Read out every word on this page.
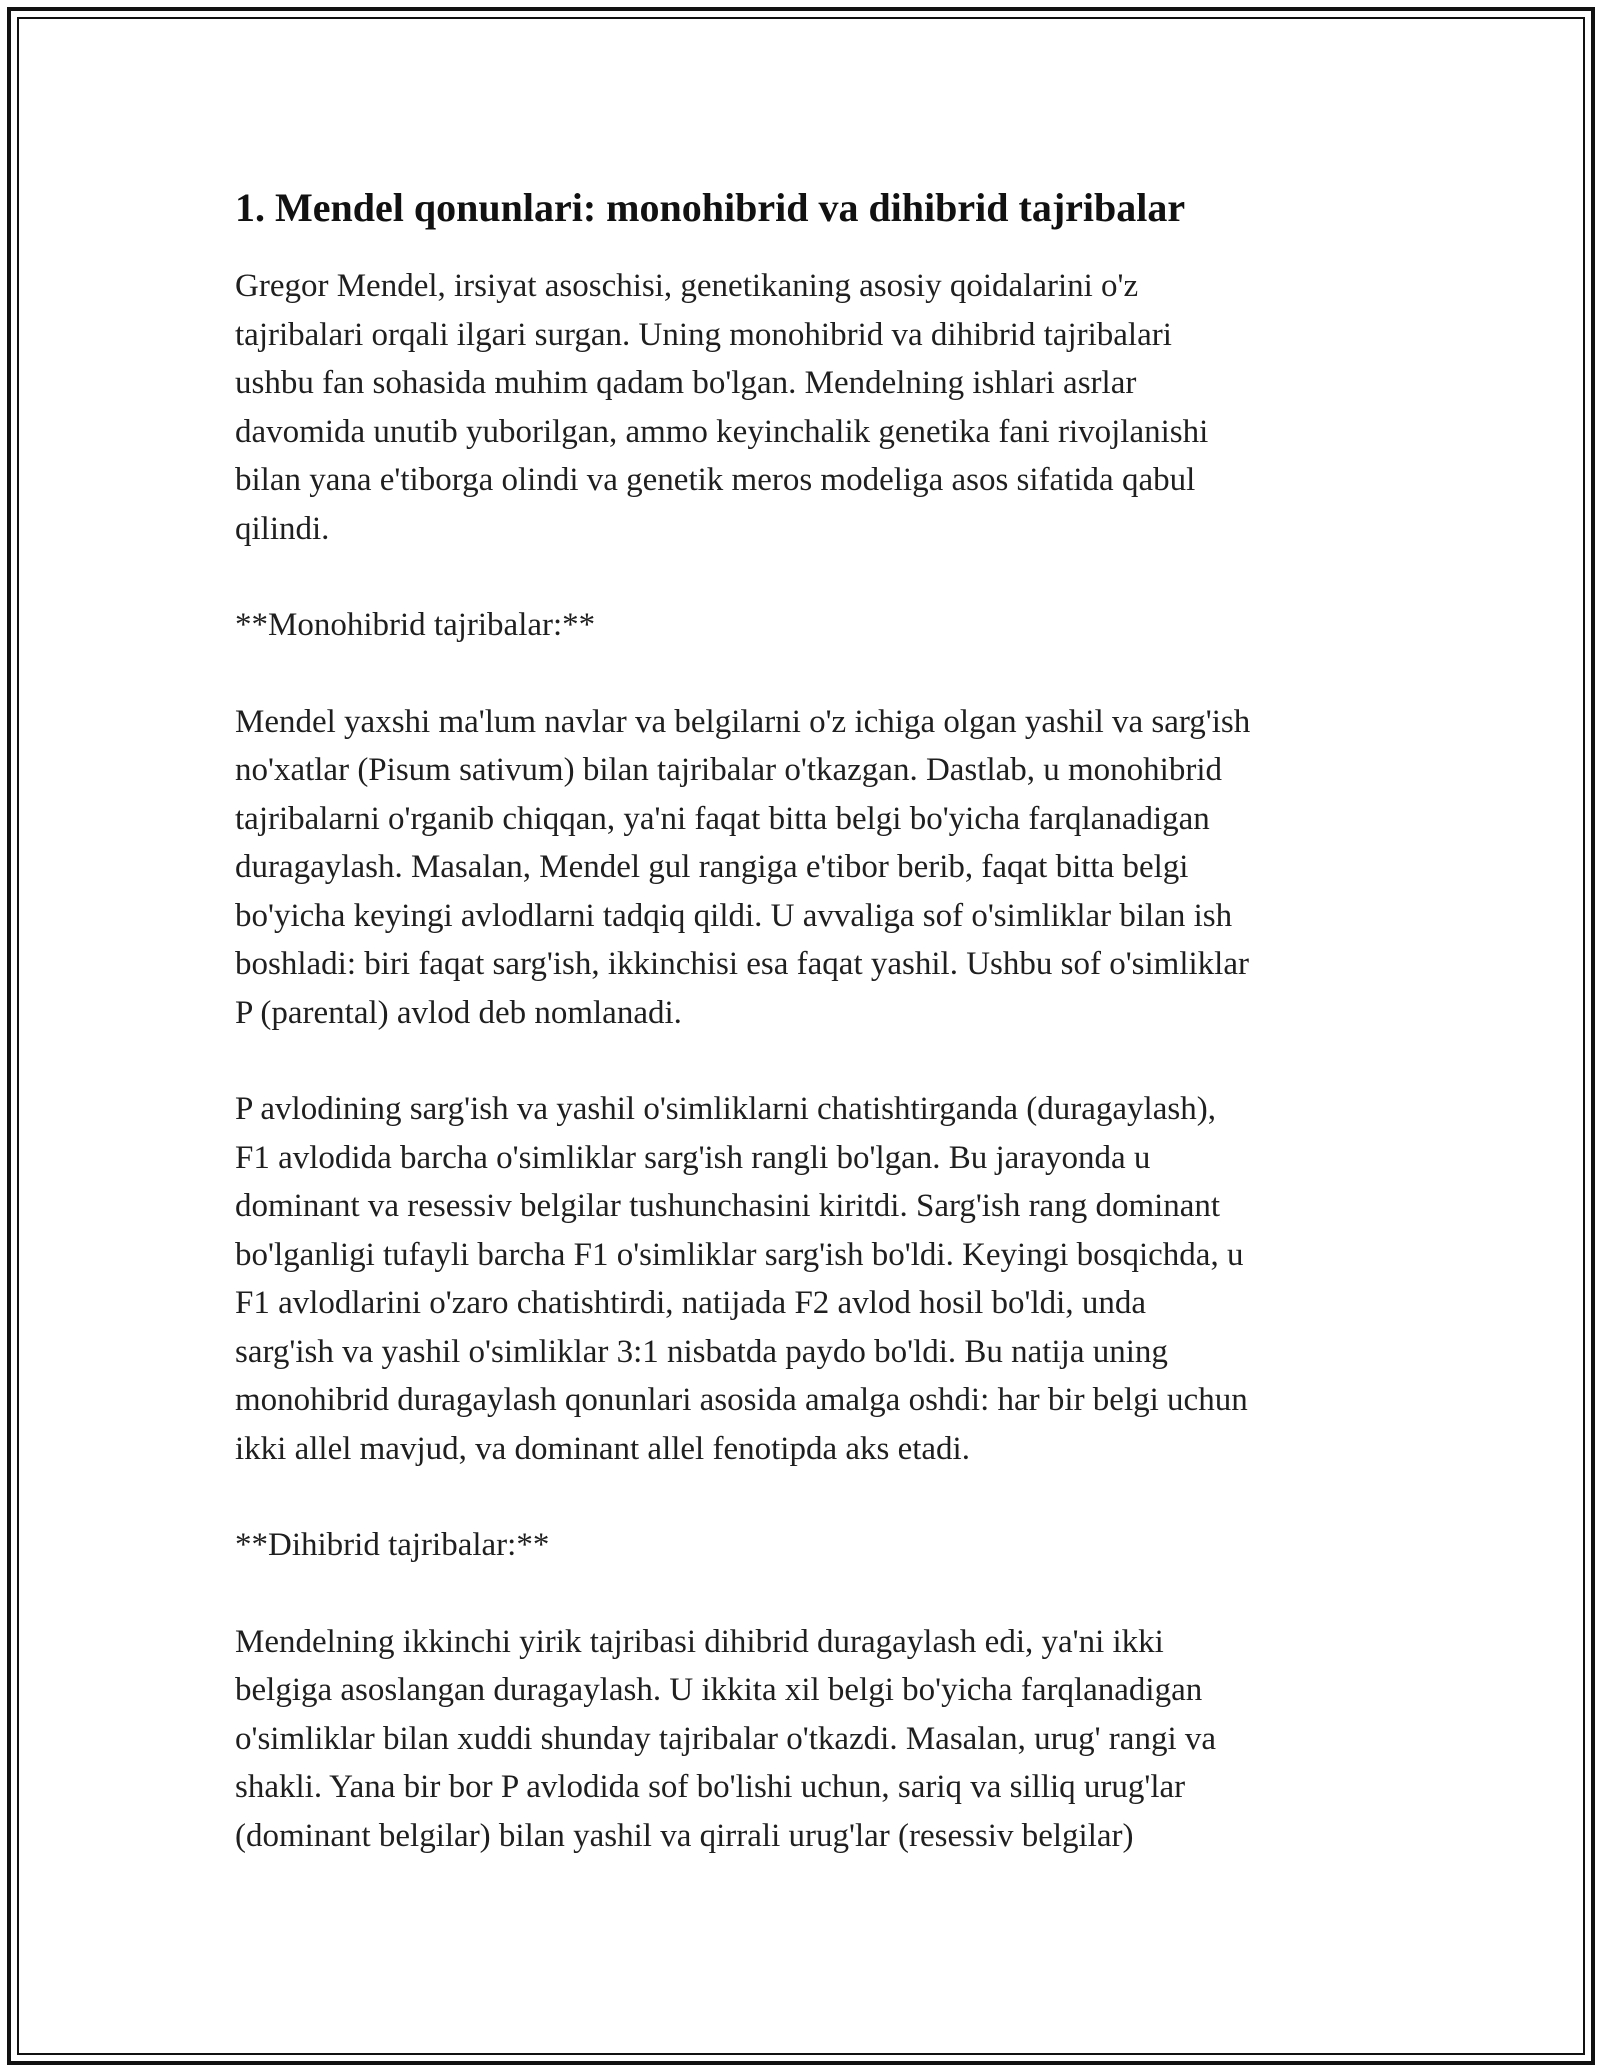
1. Mendel qonunlari: monohibrid va dihibrid tajribalar

Gregor Mendel, irsiyat asoschisi, genetikaning asosiy qoidalarini o'z
tajribalari orqali ilgari surgan. Uning monohibrid va dihibrid tajribalari
ushbu fan sohasida muhim qadam bo'lgan. Mendelning ishlari asrlar
davomida unutib yuborilgan, ammo keyinchalik genetika fani rivojlanishi
bilan yana e'tiborga olindi va genetik meros modeliga asos sifatida qabul
qilindi.

**Monohibrid tajribalar:**

Mendel yaxshi ma'lum navlar va belgilarni o'z ichiga olgan yashil va sarg'ish
no'xatlar (Pisum sativum) bilan tajribalar o'tkazgan. Dastlab, u monohibrid
tajribalarni o'rganib chiqqan, ya'ni faqat bitta belgi bo'yicha farqlanadigan
duragaylash. Masalan, Mendel gul rangiga e'tibor berib, faqat bitta belgi
bo'yicha keyingi avlodlarni tadqiq qildi. U avvaliga sof o'simliklar bilan ish
boshladi: biri faqat sarg'ish, ikkinchisi esa faqat yashil. Ushbu sof o'simliklar
P (parental) avlod deb nomlanadi.

P avlodining sarg'ish va yashil o'simliklarni chatishtirganda (duragaylash),
F1 avlodida barcha o'simliklar sarg'ish rangli bo'lgan. Bu jarayonda u
dominant va resessiv belgilar tushunchasini kiritdi. Sarg'ish rang dominant
bo'lganligi tufayli barcha F1 o'simliklar sarg'ish bo'ldi. Keyingi bosqichda, u
F1 avlodlarini o'zaro chatishtirdi, natijada F2 avlod hosil bo'ldi, unda
sarg'ish va yashil o'simliklar 3:1 nisbatda paydo bo'ldi. Bu natija uning
monohibrid duragaylash qonunlari asosida amalga oshdi: har bir belgi uchun
ikki allel mavjud, va dominant allel fenotipda aks etadi.

**Dihibrid tajribalar:**

Mendelning ikkinchi yirik tajribasi dihibrid duragaylash edi, ya'ni ikki
belgiga asoslangan duragaylash. U ikkita xil belgi bo'yicha farqlanadigan
o'simliklar bilan xuddi shunday tajribalar o'tkazdi. Masalan, urug' rangi va
shakli. Yana bir bor P avlodida sof bo'lishi uchun, sariq va silliq urug'lar
(dominant belgilar) bilan yashil va qirrali urug'lar (resessiv belgilar)
